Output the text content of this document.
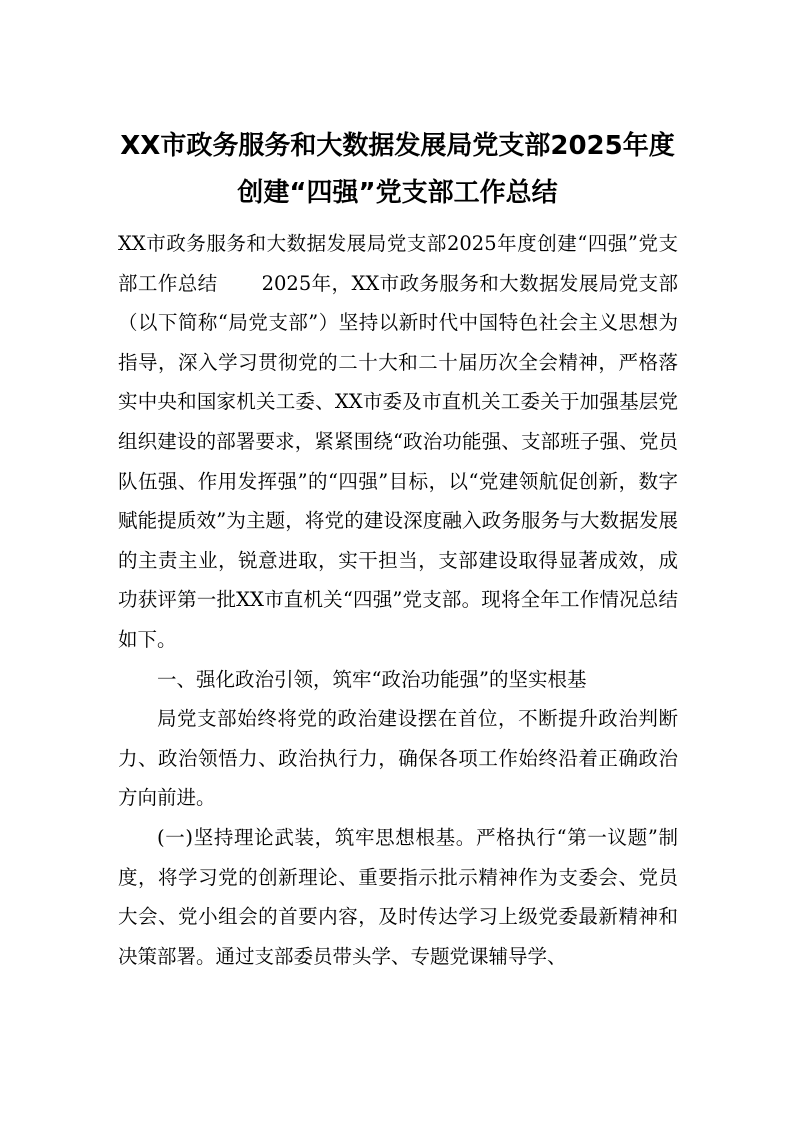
XX市政务服务和大数据发展局党支部2025年度创建“四强”党支部工作总结

XX市政务服务和大数据发展局党支部2025年度创建“四强”党支部工作总结 2025年，XX市政务服务和大数据发展局党支部（以下简称“局党支部”）坚持以新时代中国特色社会主义思想为指导，深入学习贯彻党的二十大和二十届历次全会精神，严格落实中央和国家机关工委、XX市委及市直机关工委关于加强基层党组织建设的部署要求，紧紧围绕“政治功能强、支部班子强、党员队伍强、作用发挥强”的“四强”目标，以“党建领航促创新，数字赋能提质效”为主题，将党的建设深度融入政务服务与大数据发展的主责主业，锐意进取，实干担当，支部建设取得显著成效，成功获评第一批XX市直机关“四强”党支部。现将全年工作情况总结如下。

一、强化政治引领，筑牢“政治功能强”的坚实根基

局党支部始终将党的政治建设摆在首位，不断提升政治判断力、政治领悟力、政治执行力，确保各项工作始终沿着正确政治方向前进。

(一)坚持理论武装，筑牢思想根基。严格执行“第一议题”制度，将学习党的创新理论、重要指示批示精神作为支委会、党员大会、党小组会的首要内容，及时传达学习上级党委最新精神和决策部署。通过支部委员带头学、专题党课辅导学、
